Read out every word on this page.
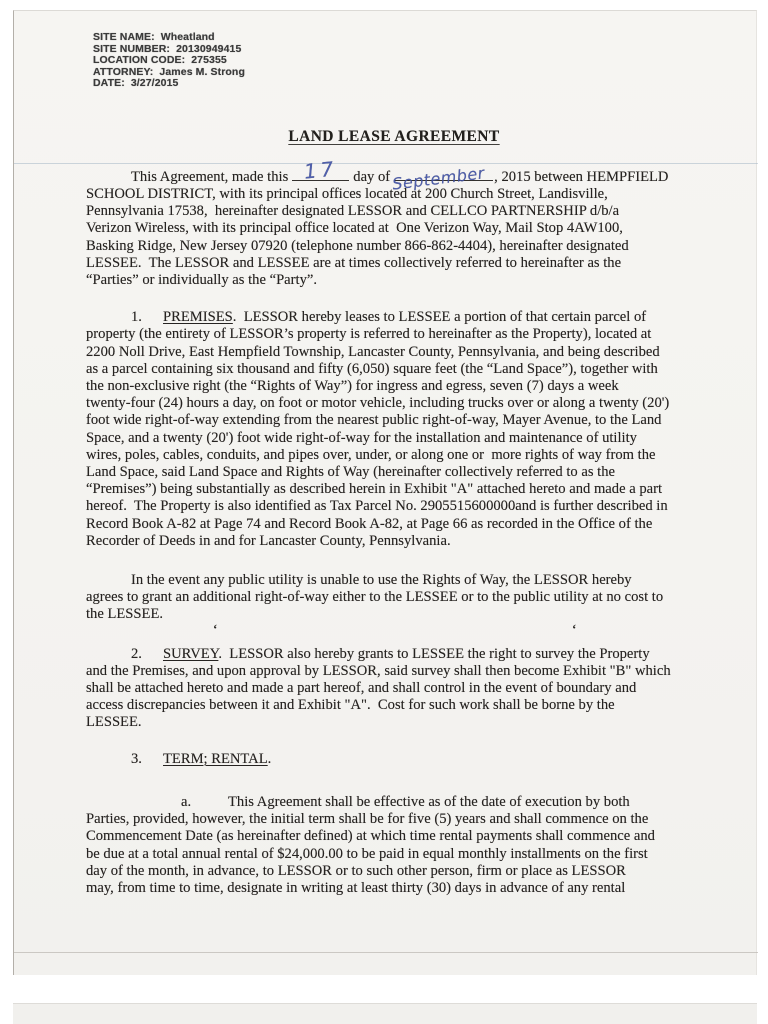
SITE NAME:  Wheatland
SITE NUMBER:  20130949415
LOCATION CODE:  275355
ATTORNEY:  James M. Strong
DATE:  3/27/2015
LAND LEASE AGREEMENT

This Agreement, made this 17 day of September , 2015 between HEMPFIELD
SCHOOL DISTRICT, with its principal offices located at 200 Church Street, Landisville,
Pennsylvania 17538,  hereinafter designated LESSOR and CELLCO PARTNERSHIP d/b/a
Verizon Wireless, with its principal office located at  One Verizon Way, Mail Stop 4AW100,
Basking Ridge, New Jersey 07920 (telephone number 866-862-4404), hereinafter designated
LESSEE.  The LESSOR and LESSEE are at times collectively referred to hereinafter as the
“Parties” or individually as the “Party”.

1. PREMISES.  LESSOR hereby leases to LESSEE a portion of that certain parcel of
property (the entirety of LESSOR’s property is referred to hereinafter as the Property), located at
2200 Noll Drive, East Hempfield Township, Lancaster County, Pennsylvania, and being described
as a parcel containing six thousand and fifty (6,050) square feet (the “Land Space”), together with
the non-exclusive right (the “Rights of Way”) for ingress and egress, seven (7) days a week
twenty-four (24) hours a day, on foot or motor vehicle, including trucks over or along a twenty (20')
foot wide right-of-way extending from the nearest public right-of-way, Mayer Avenue, to the Land
Space, and a twenty (20') foot wide right-of-way for the installation and maintenance of utility
wires, poles, cables, conduits, and pipes over, under, or along one or  more rights of way from the
Land Space, said Land Space and Rights of Way (hereinafter collectively referred to as the
“Premises”) being substantially as described herein in Exhibit "A" attached hereto and made a part
hereof.  The Property is also identified as Tax Parcel No. 2905515600000and is further described in
Record Book A-82 at Page 74 and Record Book A-82, at Page 66 as recorded in the Office of the
Recorder of Deeds in and for Lancaster County, Pennsylvania.

In the event any public utility is unable to use the Rights of Way, the LESSOR hereby
agrees to grant an additional right-of-way either to the LESSEE or to the public utility at no cost to
the LESSEE.

2. SURVEY.  LESSOR also hereby grants to LESSEE the right to survey the Property
and the Premises, and upon approval by LESSOR, said survey shall then become Exhibit "B" which
shall be attached hereto and made a part hereof, and shall control in the event of boundary and
access discrepancies between it and Exhibit "A".  Cost for such work shall be borne by the
LESSEE.

3. TERM; RENTAL.

a.	This Agreement shall be effective as of the date of execution by both
Parties, provided, however, the initial term shall be for five (5) years and shall commence on the
Commencement Date (as hereinafter defined) at which time rental payments shall commence and
be due at a total annual rental of $24,000.00 to be paid in equal monthly installments on the first
day of the month, in advance, to LESSOR or to such other person, firm or place as LESSOR
may, from time to time, designate in writing at least thirty (30) days in advance of any rental

‘	‘
